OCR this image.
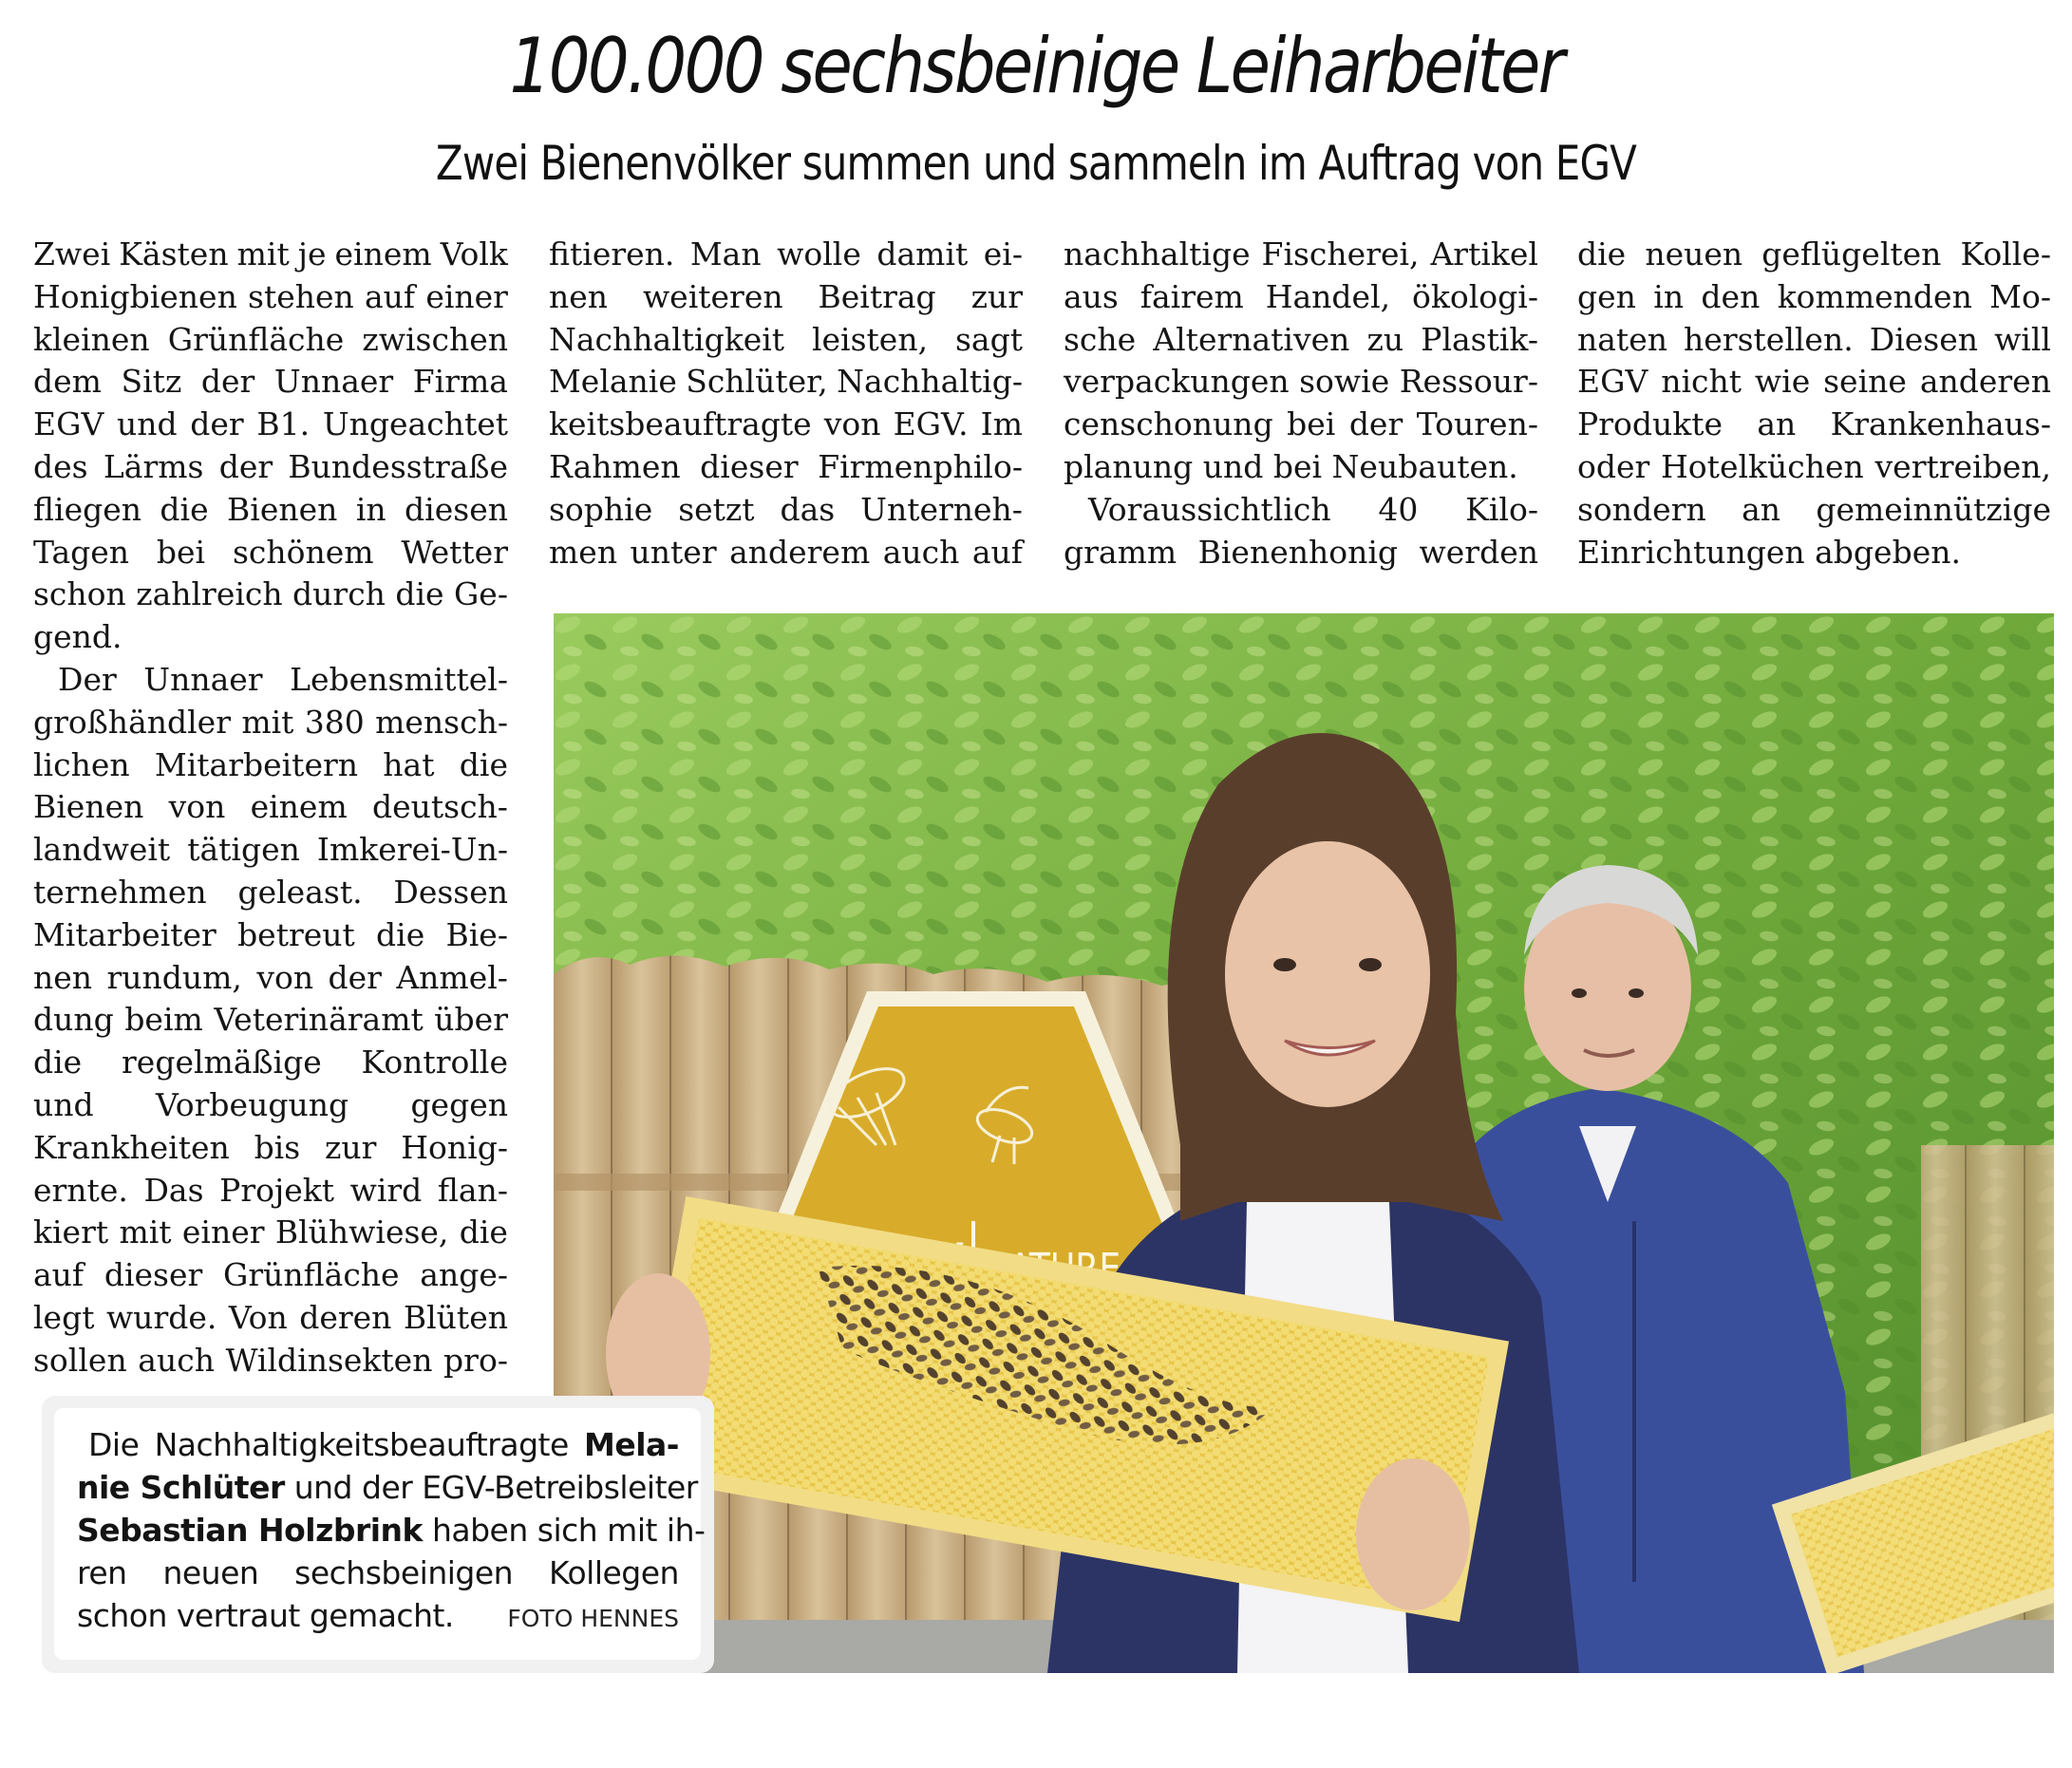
100.000 sechsbeinige Leiharbeiter
Zwei Bienenvölker summen und sammeln im Auftrag von EGV
Zwei Kästen mit je einem Volk
Honigbienen stehen auf einer
kleinen Grünfläche zwischen
dem Sitz der Unnaer Firma
EGV und der B1. Ungeachtet
des Lärms der Bundesstraße
fliegen die Bienen in diesen
Tagen bei schönem Wetter
schon zahlreich durch die Ge-
gend.
Der Unnaer Lebensmittel-
großhändler mit 380 mensch-
lichen Mitarbeitern hat die
Bienen von einem deutsch-
landweit tätigen Imkerei-Un-
ternehmen geleast. Dessen
Mitarbeiter betreut die Bie-
nen rundum, von der Anmel-
dung beim Veterinäramt über
die regelmäßige Kontrolle
und Vorbeugung gegen
Krankheiten bis zur Honig-
ernte. Das Projekt wird flan-
kiert mit einer Blühwiese, die
auf dieser Grünfläche ange-
legt wurde. Von deren Blüten
sollen auch Wildinsekten pro-
fitieren. Man wolle damit ei-
nen weiteren Beitrag zur
Nachhaltigkeit leisten, sagt
Melanie Schlüter, Nachhaltig-
keitsbeauftragte von EGV. Im
Rahmen dieser Firmenphilo-
sophie setzt das Unterneh-
men unter anderem auch auf
nachhaltige Fischerei, Artikel
aus fairem Handel, ökologi-
sche Alternativen zu Plastik-
verpackungen sowie Ressour-
censchonung bei der Touren-
planung und bei Neubauten.
Voraussichtlich 40 Kilo-
gramm Bienenhonig werden
die neuen geflügelten Kolle-
gen in den kommenden Mo-
naten herstellen. Diesen will
EGV nicht wie seine anderen
Produkte an Krankenhaus-
oder Hotelküchen vertreiben,
sondern an gemeinnützige
Einrichtungen abgeben.
Die Nachhaltigkeitsbeauftragte Mela-
nie Schlüter und der EGV-Betreibsleiter
Sebastian Holzbrink haben sich mit ih-
ren neuen sechsbeinigen Kollegen
schon vertraut gemacht. FOTO HENNES
